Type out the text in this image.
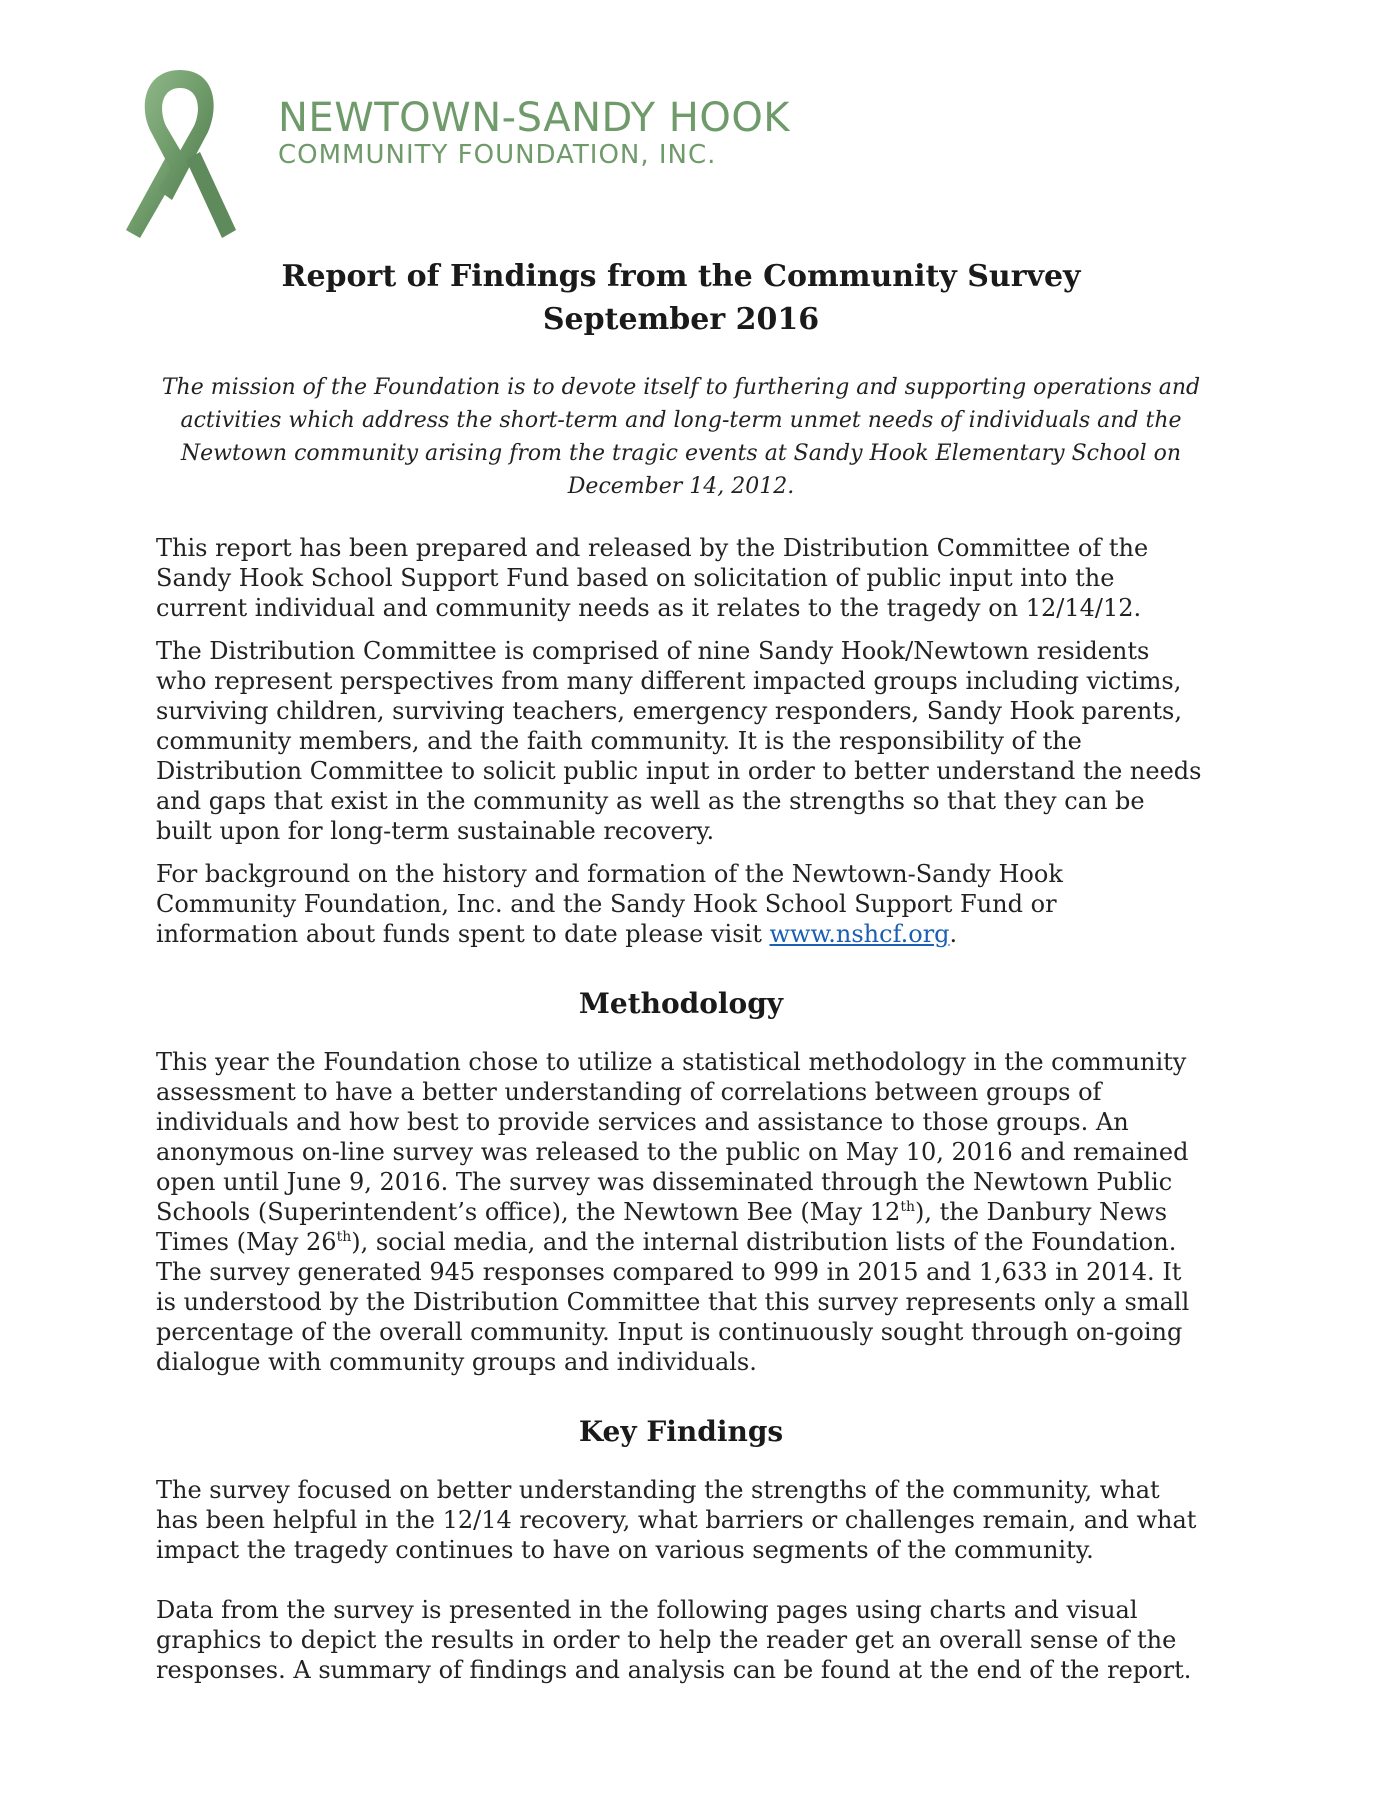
NEWTOWN-SANDY HOOK
COMMUNITY FOUNDATION, INC.
Report of Findings from the Community Survey
September 2016

The mission of the Foundation is to devote itself to furthering and supporting operations and activities which address the short-term and long-term unmet needs of individuals and the Newtown community arising from the tragic events at Sandy Hook Elementary School on December 14, 2012.

This report has been prepared and released by the Distribution Committee of the Sandy Hook School Support Fund based on solicitation of public input into the current individual and community needs as it relates to the tragedy on 12/14/12.

The Distribution Committee is comprised of nine Sandy Hook/Newtown residents who represent perspectives from many different impacted groups including victims, surviving children, surviving teachers, emergency responders, Sandy Hook parents, community members, and the faith community. It is the responsibility of the Distribution Committee to solicit public input in order to better understand the needs and gaps that exist in the community as well as the strengths so that they can be built upon for long-term sustainable recovery.

For background on the history and formation of the Newtown-Sandy Hook Community Foundation, Inc. and the Sandy Hook School Support Fund or information about funds spent to date please visit www.nshcf.org.

Methodology

This year the Foundation chose to utilize a statistical methodology in the community assessment to have a better understanding of correlations between groups of individuals and how best to provide services and assistance to those groups. An anonymous on-line survey was released to the public on May 10, 2016 and remained open until June 9, 2016. The survey was disseminated through the Newtown Public Schools (Superintendent’s office), the Newtown Bee (May 12th), the Danbury News Times (May 26th), social media, and the internal distribution lists of the Foundation. The survey generated 945 responses compared to 999 in 2015 and 1,633 in 2014. It is understood by the Distribution Committee that this survey represents only a small percentage of the overall community. Input is continuously sought through on-going dialogue with community groups and individuals.

Key Findings

The survey focused on better understanding the strengths of the community, what has been helpful in the 12/14 recovery, what barriers or challenges remain, and what impact the tragedy continues to have on various segments of the community.

Data from the survey is presented in the following pages using charts and visual graphics to depict the results in order to help the reader get an overall sense of the responses. A summary of findings and analysis can be found at the end of the report.
